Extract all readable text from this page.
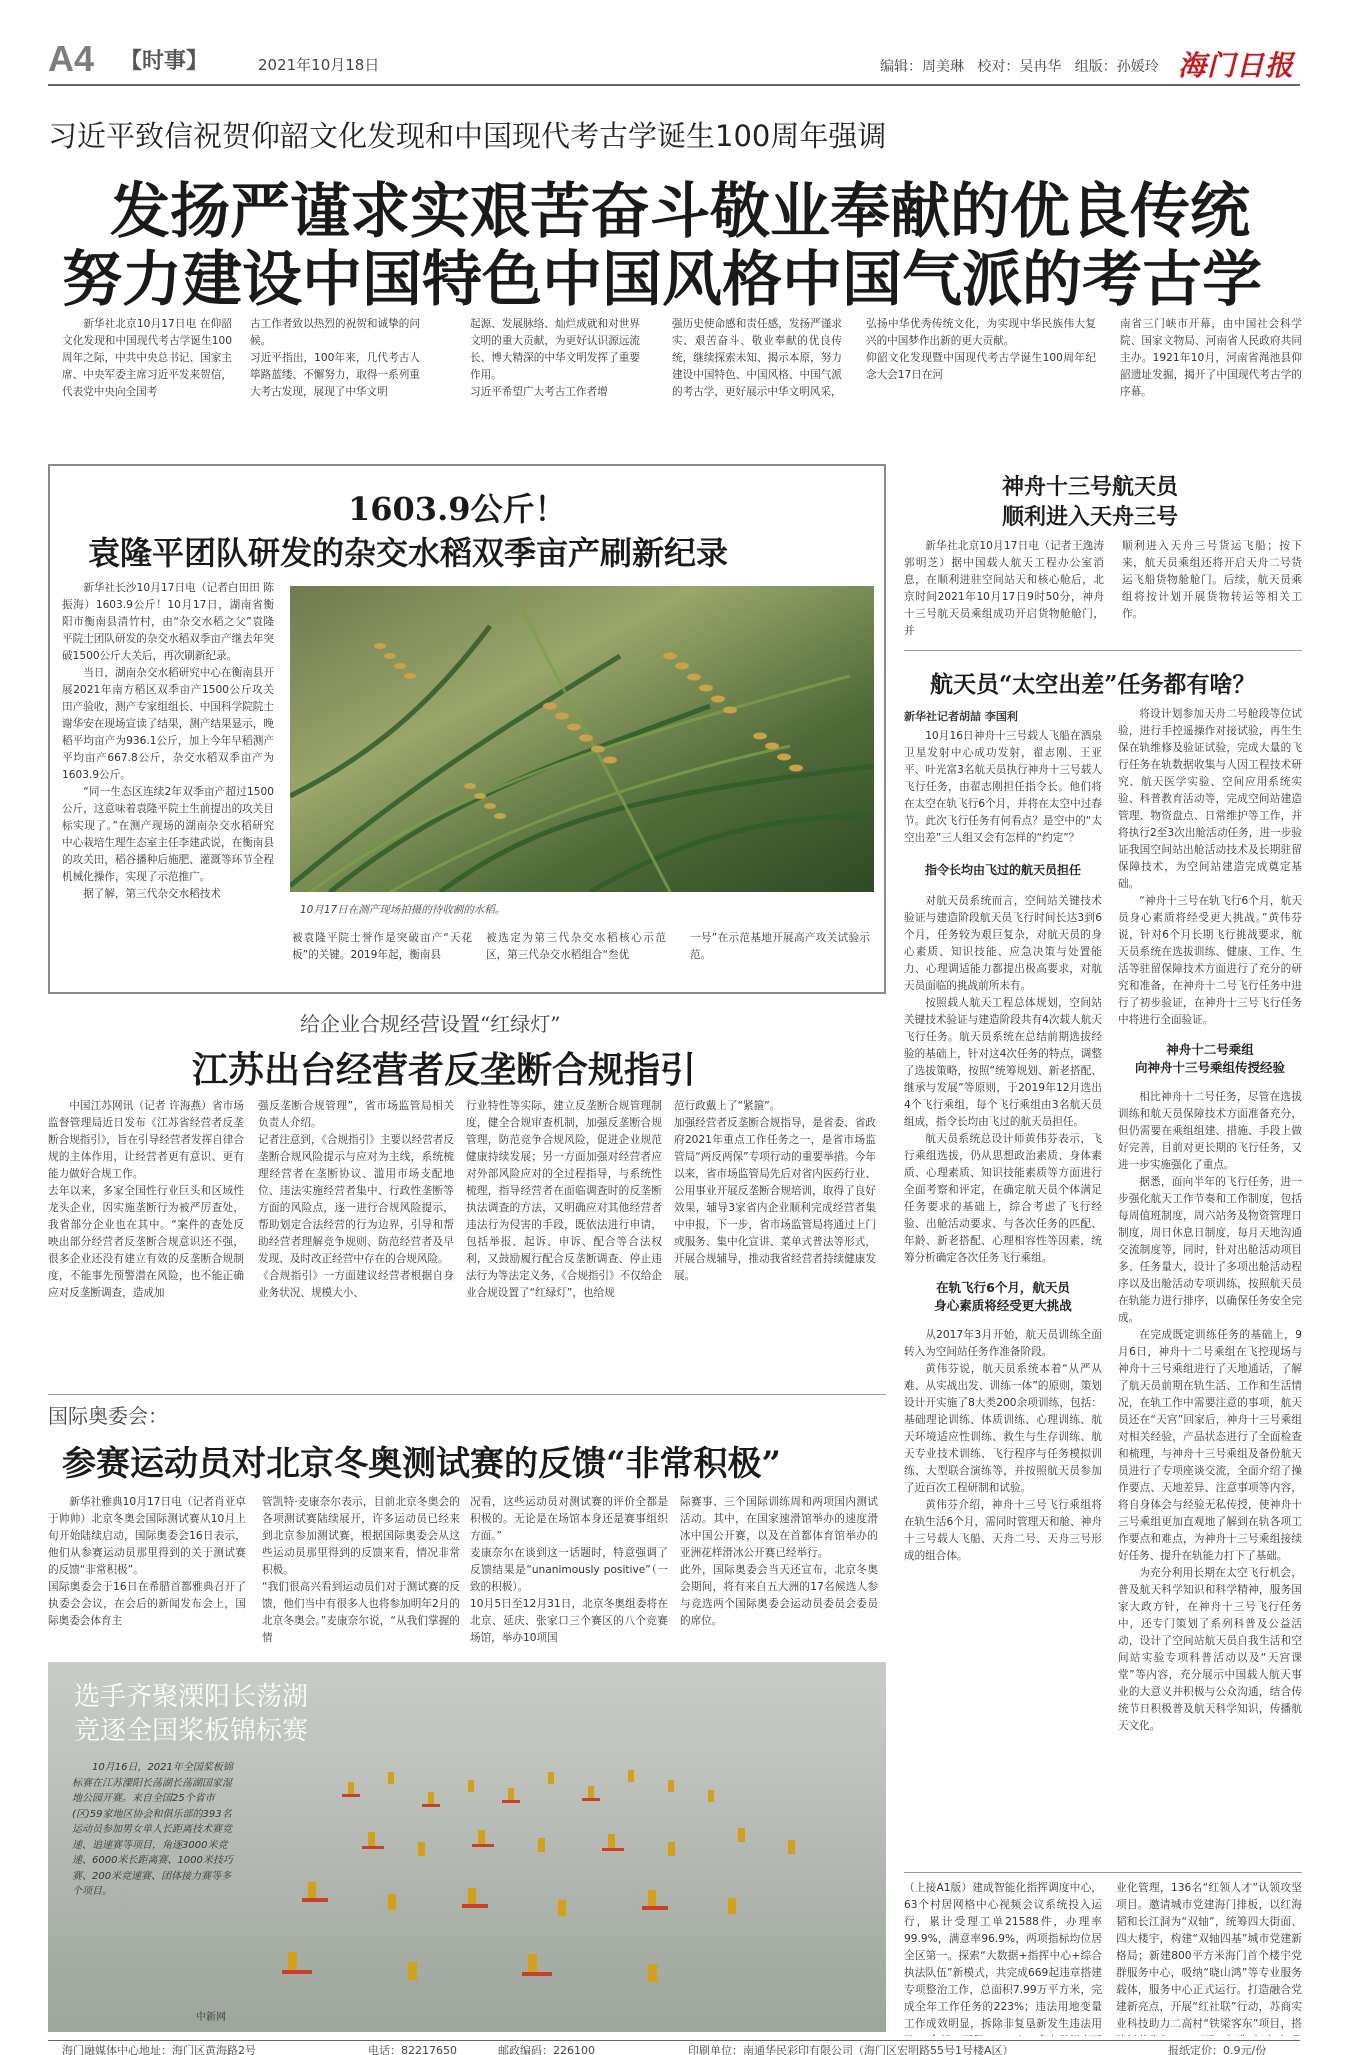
A4 【时事】	2021年10月18日	编辑：周美琳   校对：吴冉华   组版：孙媛玲 海门日报
习近平致信祝贺仰韶文化发现和中国现代考古学诞生100周年强调
发扬严谨求实艰苦奋斗敬业奉献的优良传统
努力建设中国特色中国风格中国气派的考古学
新华社北京10月17日电 在仰韶文化发现和中国现代考古学诞生100周年之际，中共中央总书记、国家主席、中央军委主席习近平发来贺信，代表党中央向全国考
古工作者致以热烈的祝贺和诚挚的问候。
习近平指出，100年来，几代考古人筚路蓝缕、不懈努力，取得一系列重大考古发现，展现了中华文明
起源、发展脉络、灿烂成就和对世界文明的重大贡献，为更好认识源远流长、博大精深的中华文明发挥了重要作用。
习近平希望广大考古工作者增
强历史使命感和责任感，发扬严谨求实、艰苦奋斗、敬业奉献的优良传统，继续探索未知、揭示本原，努力建设中国特色、中国风格、中国气派的考古学，更好展示中华文明风采，
弘扬中华优秀传统文化，为实现中华民族伟大复兴的中国梦作出新的更大贡献。
仰韶文化发现暨中国现代考古学诞生100周年纪念大会17日在河
南省三门峡市开幕，由中国社会科学院、国家文物局、河南省人民政府共同主办。1921年10月，河南省渑池县仰韶遗址发掘，揭开了中国现代考古学的序幕。
1603.9公斤！
袁隆平团队研发的杂交水稻双季亩产刷新纪录

新华社长沙10月17日电（记者白田田 陈振海）1603.9公斤！10月17日，湖南省衡阳市衡南县清竹村，由“杂交水稻之父”袁隆平院士团队研发的杂交水稻双季亩产继去年突破1500公斤大关后，再次刷新纪录。

当日，湖南杂交水稻研究中心在衡南县开展2021年南方稻区双季亩产1500公斤攻关田产验收，测产专家组组长、中国科学院院士谢华安在现场宣读了结果，测产结果显示，晚稻平均亩产为936.1公斤，加上今年早稻测产平均亩产667.8公斤，杂交水稻双季亩产为1603.9公斤。

“同一生态区连续2年双季亩产超过1500公斤，这意味着袁隆平院士生前提出的攻关目标实现了。”在测产现场的湖南杂交水稻研究中心栽培生理生态室主任李建武说，在衡南县的攻关田，稻谷播种后施肥、灌溉等环节全程机械化操作，实现了示范推广。

据了解，第三代杂交水稻技术

10月17日在测产现场拍摄的待收割的水稻。
被袁隆平院士誉作是突破亩产“天花板”的关键。2019年起，衡南县
被选定为第三代杂交水稻核心示范区，第三代杂交水稻组合“叁优
一号”在示范基地开展高产攻关试验示范。
神舟十三号航天员
顺利进入天舟三号
新华社北京10月17日电（记者王逸涛 郭明芝）据中国载人航天工程办公室消息，在顺利进驻空间站天和核心舱后，北京时间2021年10月17日9时50分，神舟十三号航天员乘组成功开启货物舱舱门，并
顺利进入天舟三号货运飞船；按下来，航天员乘组还将开启天舟二号货运飞船货物舱舱门。后续，航天员乘组将按计划开展货物转运等相关工作。
航天员“太空出差”任务都有啥？
新华社记者胡喆 李国利

10月16日神舟十三号载人飞船在酒泉卫星发射中心成功发射，翟志刚、王亚平、叶光富3名航天员执行神舟十三号载人飞行任务，由翟志刚担任指令长。他们将在太空在轨飞行6个月，并将在太空中过春节。此次飞行任务有何看点？是空中的“太空出差”三人组又会有怎样的“约定”？

指令长均由飞过的航天员担任

对航天员系统而言，空间站关键技术验证与建造阶段航天员飞行时间长达3到6个月，任务较为艰巨复杂，对航天员的身心素质、知识技能、应急决策与处置能力、心理调适能力都提出极高要求，对航天员面临的挑战前所未有。

按照载人航天工程总体规划，空间站关键技术验证与建造阶段共有4次载人航天飞行任务。航天员系统在总结前期选拔经验的基础上，针对这4次任务的特点，调整了选拔策略，按照“统筹规划、新老搭配、继承与发展”等原则，于2019年12月选出4个飞行乘组，每个飞行乘组由3名航天员组成，指令长均由飞过的航天员担任。

航天员系统总设计师黄伟芬表示，飞行乘组选拔，仍从思想政治素质、身体素质、心理素质、知识技能素质等方面进行全面考察和评定，在确定航天员个体满足任务要求的基础上，综合考虑了飞行经验、出舱活动要求、与各次任务的匹配、年龄、新老搭配、心理相容性等因素，统筹分析确定各次任务飞行乘组。

在轨飞行6个月，航天员
身心素质将经受更大挑战

从2017年3月开始，航天员训练全面转入为空间站任务作准备阶段。

黄伟芬说，航天员系统本着“从严从难、从实战出发、训练一体”的原则，策划设计开实施了8大类200余项训练，包括：基础理论训练、体质训练、心理训练、航天环境适应性训练、救生与生存训练、航天专业技术训练、飞行程序与任务模拟训练、大型联合演练等，并按照航天员参加了近百次工程研制和试验。

黄伟芬介绍，神舟十三号飞行乘组将在轨生活6个月，需同时管理天和舱、神舟十三号载人飞船、天舟二号、天舟三号形成的组合体。

将设计划参加天舟二号舱段等位试验，进行手控遥操作对接试验，再生生保在轨维修及验证试验，完成大量的飞行任务在轨数据收集与人因工程技术研究、航天医学实验、空间应用系统实验、科普教育活动等，完成空间站建造管理、物资盘点、日常维护等工作，并将执行2至3次出舱活动任务，进一步验证我国空间站出舱活动技术及长期驻留保障技术，为空间站建造完成奠定基础。

“神舟十三号在轨飞行6个月，航天员身心素质将经受更大挑战。”黄伟芬说，针对6个月长期飞行挑战要求，航天员系统在选拔训练、健康、工作、生活等驻留保障技术方面进行了充分的研究和准备，在神舟十二号飞行任务中进行了初步验证，在神舟十三号飞行任务中将进行全面验证。

神舟十二号乘组
向神舟十三号乘组传授经验

相比神舟十二号任务，尽管在选拔训练和航天员保障技术方面准备充分，但仍需要在乘组组建、措施、手段上做好完善，目前对更长期的飞行任务，又进一步实施强化了重点。

据悉，面向半年的飞行任务，进一步强化航天工作节奏和工作制度，包括每周值班制度，周六站务及物资管理日制度，周日休息日制度，每月天地沟通交流制度等，同时，针对出舱活动项目多、任务量大，设计了多项出舱活动程序以及出舱活动专项训练，按照航天员在轨能力进行排序，以确保任务安全完成。

在完成既定训练任务的基础上，9月6日，神舟十二号乘组在飞控现场与神舟十三号乘组进行了天地通话，了解了航天员前期在轨生活、工作和生活情况，在轨工作中需要注意的事项，航天员还在“天宫”回家后，神舟十三号乘组对相关经验，产品状态进行了全面检查和梳理，与神舟十三号乘组及备份航天员进行了专项座谈交流，全面介绍了操作要点、天地差异、注意事项等内容，将自身体会与经验无私传授，使神舟十三号乘组更加直观地了解到在轨各项工作要点和难点，为神舟十三号乘组接续好任务、提升在轨能力打下了基础。

为充分利用长期在太空飞行机会，普及航天科学知识和科学精神，服务国家大政方针，在神舟十三号飞行任务中，还专门策划了系列科普及公益活动，设计了空间站航天员自我生活和空间站实验专项科普活动以及“天宫课堂”等内容，充分展示中国载人航天事业的大意义并积极与公众沟通，结合传统节日积极普及航天科学知识，传播航天文化。

给企业合规经营设置“红绿灯”
江苏出台经营者反垄断合规指引
中国江苏网讯（记者 许海燕）省市场监督管理局近日发布《江苏省经营者反垄断合规指引》，旨在引导经营者发挥自律合规的主体作用，让经营者更有意识、更有能力做好合规工作。
去年以来，多家全国性行业巨头和区域性龙头企业，因实施垄断行为被严厉查处，我省部分企业也在其中。“案件的查处反映出部分经营者反垄断合规意识还不强，很多企业还没有建立有效的反垄断合规制度，不能事先预警潜在风险，也不能正确应对反垄断调查，造成加
强反垄断合规管理”，省市场监管局相关负责人介绍。
记者注意到，《合规指引》主要以经营者反垄断合规风险提示与应对为主线，系统梳理经营者在垄断协议、滥用市场支配地位、违法实施经营者集中、行政性垄断等方面的风险点，逐一进行合规风险提示，帮助划定合法经营的行为边界，引导和帮助经营者理解竞争规则、防范经营者及早发现、及时改正经营中存在的合规风险。
《合规指引》一方面建议经营者根据自身业务状况、规模大小、
行业特性等实际，建立反垄断合规管理制度，健全合规审查机制，加强反垄断合规管理，防范竞争合规风险，促进企业规范健康持续发展；另一方面加强对经营者应对外部风险应对的全过程指导，与系统性梳理，指导经营者在面临调查时的反垄断执法调查的方法，又明确应对其他经营者违法行为侵害的手段，既依法进行申请，包括举报、起诉、申诉、配合等合法权利，又鼓励履行配合反垄断调查、停止违法行为等法定义务，《合规指引》不仅给企业合规设置了“红绿灯”，也给规
范行政戴上了“紧箍”。
加强经营者反垄断合规指导，是省委、省政府2021年重点工作任务之一，是省市场监管局“两反两保”专项行动的重要举措。今年以来，省市场监管局先后对省内医药行业、公用事业开展反垄断合规培训，取得了良好效果，辅导3家省内企业顺利完成经营者集中申报，下一步，省市场监管局将通过上门或服务、集中化宣讲、菜单式普法等形式，开展合规辅导，推动我省经营者持续健康发展。
国际奥委会：
参赛运动员对北京冬奥测试赛的反馈“非常积极”
新华社雅典10月17日电（记者肖亚卓 于帅帅）北京冬奥会国际测试赛从10月上旬开始陆续启动，国际奥委会16日表示，他们从参赛运动员那里得到的关于测试赛的反馈“非常积极”。
国际奥委会于16日在希腊首都雅典召开了执委会会议，在会后的新闻发布会上，国际奥委会体育主
管凯特·麦康奈尔表示，目前北京冬奥会的各项测试赛陆续展开，许多运动员已经来到北京参加测试赛，根据国际奥委会从这些运动员那里得到的反馈来看，情况非常积极。
“我们很高兴看到运动员们对于测试赛的反馈，他们当中有很多人也将参加明年2月的北京冬奥会。”麦康奈尔说，“从我们掌握的情
况看，这些运动员对测试赛的评价全都是积极的。无论是在场馆本身还是赛事组织方面。”
麦康奈尔在谈到这一话题时，特意强调了反馈结果是“unanimously positive”（一致的积极）。
10月5日至12月31日，北京冬奥组委将在北京、延庆、张家口三个赛区的八个竞赛场馆，举办10项国
际赛事、三个国际训练周和两项国内测试活动。其中，在国家速滑馆举办的速度滑冰中国公开赛，以及在首都体育馆举办的亚洲花样滑冰公开赛已经举行。
此外，国际奥委会当天还宣布，北京冬奥会期间，将有来自五大洲的17名候选人参与竞选两个国际奥委会运动员委员会委员的席位。
选手齐聚溧阳长荡湖
竞逐全国桨板锦标赛
10月16日，2021年全国桨板锦标赛在江苏溧阳长荡湖长荡湖国家湿地公园开赛。来自全国25个省市(区)59家地区协会和俱乐部的393名运动员参加男女单人长距离技术赛竞速、追速赛等项目，角逐3000米竞速、6000米长距离赛、1000米技巧赛、200米竞速赛、团体接力赛等多个项目。
中新网
（上接A1版）建成智能化指挥调度中心，63个村居网格中心视频会议系统投入运行，累计受理工单21588件，办理率99.9%，满意率96.9%，两项指标均位居全区第一。探索“大数据+指挥中心+综合执法队伍”新模式，共完成669起违章搭建专项整治工作，总面积7.99万平方米，完成全年工作任务的223%；违法用地变量工作成效明显，拆除非复垦新发生违法用

业化管理，136名“红领人才”认领攻坚项目。邀请城市党建海门排板，以红海韬和长江洞为“双轴”，统筹四大街面、四大楼宇，构建“双轴四基”城市党建新格局；新建800平方米海门首个楼宇党群服务中心，吸纳“晓山鸿”等专业服务载体，服务中心正式运行。打造融合党建新亮点，开展“红社联”行动，苏商实业科技助力二高村“铁梁客东”项目，搭
海门融媒体中心地址：海门区黄海路2号	电话：82217650	邮政编码：226100	印刷单位：南通华民彩印有限公司（海门区宏明路55号1号楼A区）	报纸定价：0.9元/份
